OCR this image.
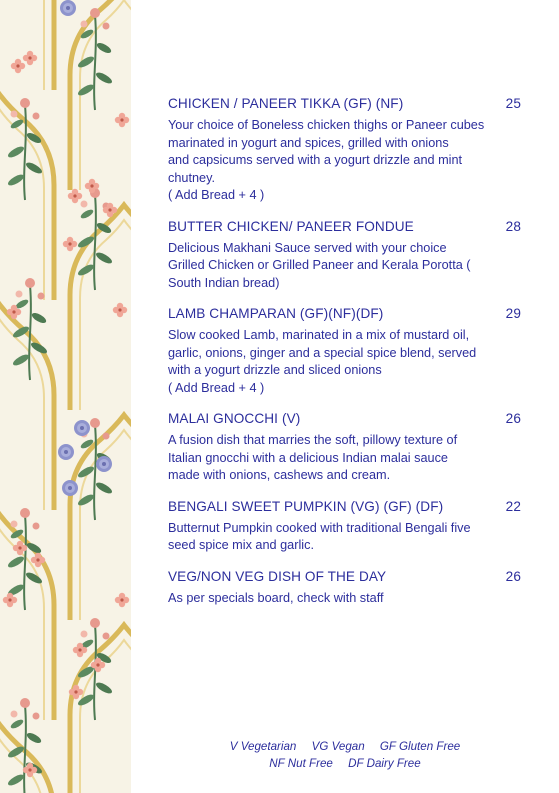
CHICKEN / PANEER TIKKA (GF) (NF)	25
Your choice of Boneless chicken thighs or Paneer cubes
marinated in yogurt and spices, grilled with onions
and capsicums served with a yogurt drizzle and mint
chutney.
( Add Bread + 4 )
BUTTER CHICKEN/ PANEER FONDUE	28
Delicious Makhani Sauce served with your choice
Grilled Chicken or Grilled Paneer and Kerala Porotta (
South Indian bread)
LAMB CHAMPARAN (GF)(NF)(DF)	29
Slow cooked Lamb, marinated in a mix of mustard oil,
garlic, onions, ginger and a special spice blend, served
with a yogurt drizzle and sliced onions
( Add Bread + 4 )
MALAI GNOCCHI (V)	26
A fusion dish that marries the soft, pillowy texture of
Italian gnocchi with a delicious Indian malai sauce
made with onions, cashews and cream.
BENGALI SWEET PUMPKIN (VG) (GF) (DF)	22
Butternut Pumpkin cooked with traditional Bengali five
seed spice mix and garlic.
VEG/NON VEG DISH OF THE DAY	26
As per specials board, check with staff
V Vegetarian VG Vegan GF Gluten Free
NF Nut Free DF Dairy Free
